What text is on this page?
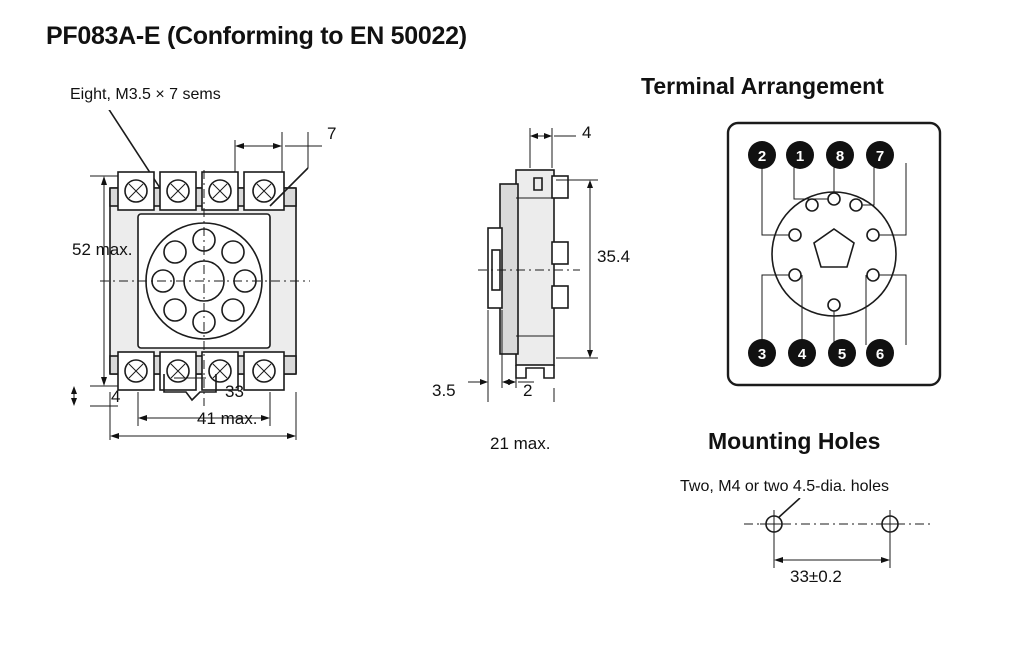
PF083A-E (Conforming to EN 50022)
Eight, M3.5 × 7 sems
7
52 max.
4	33
41 max.
4
35.4
3.5	2
21 max.
Terminal Arrangement
2 1 8 7
3 4 5 6
Mounting Holes
Two, M4 or two 4.5-dia. holes
33±0.2
